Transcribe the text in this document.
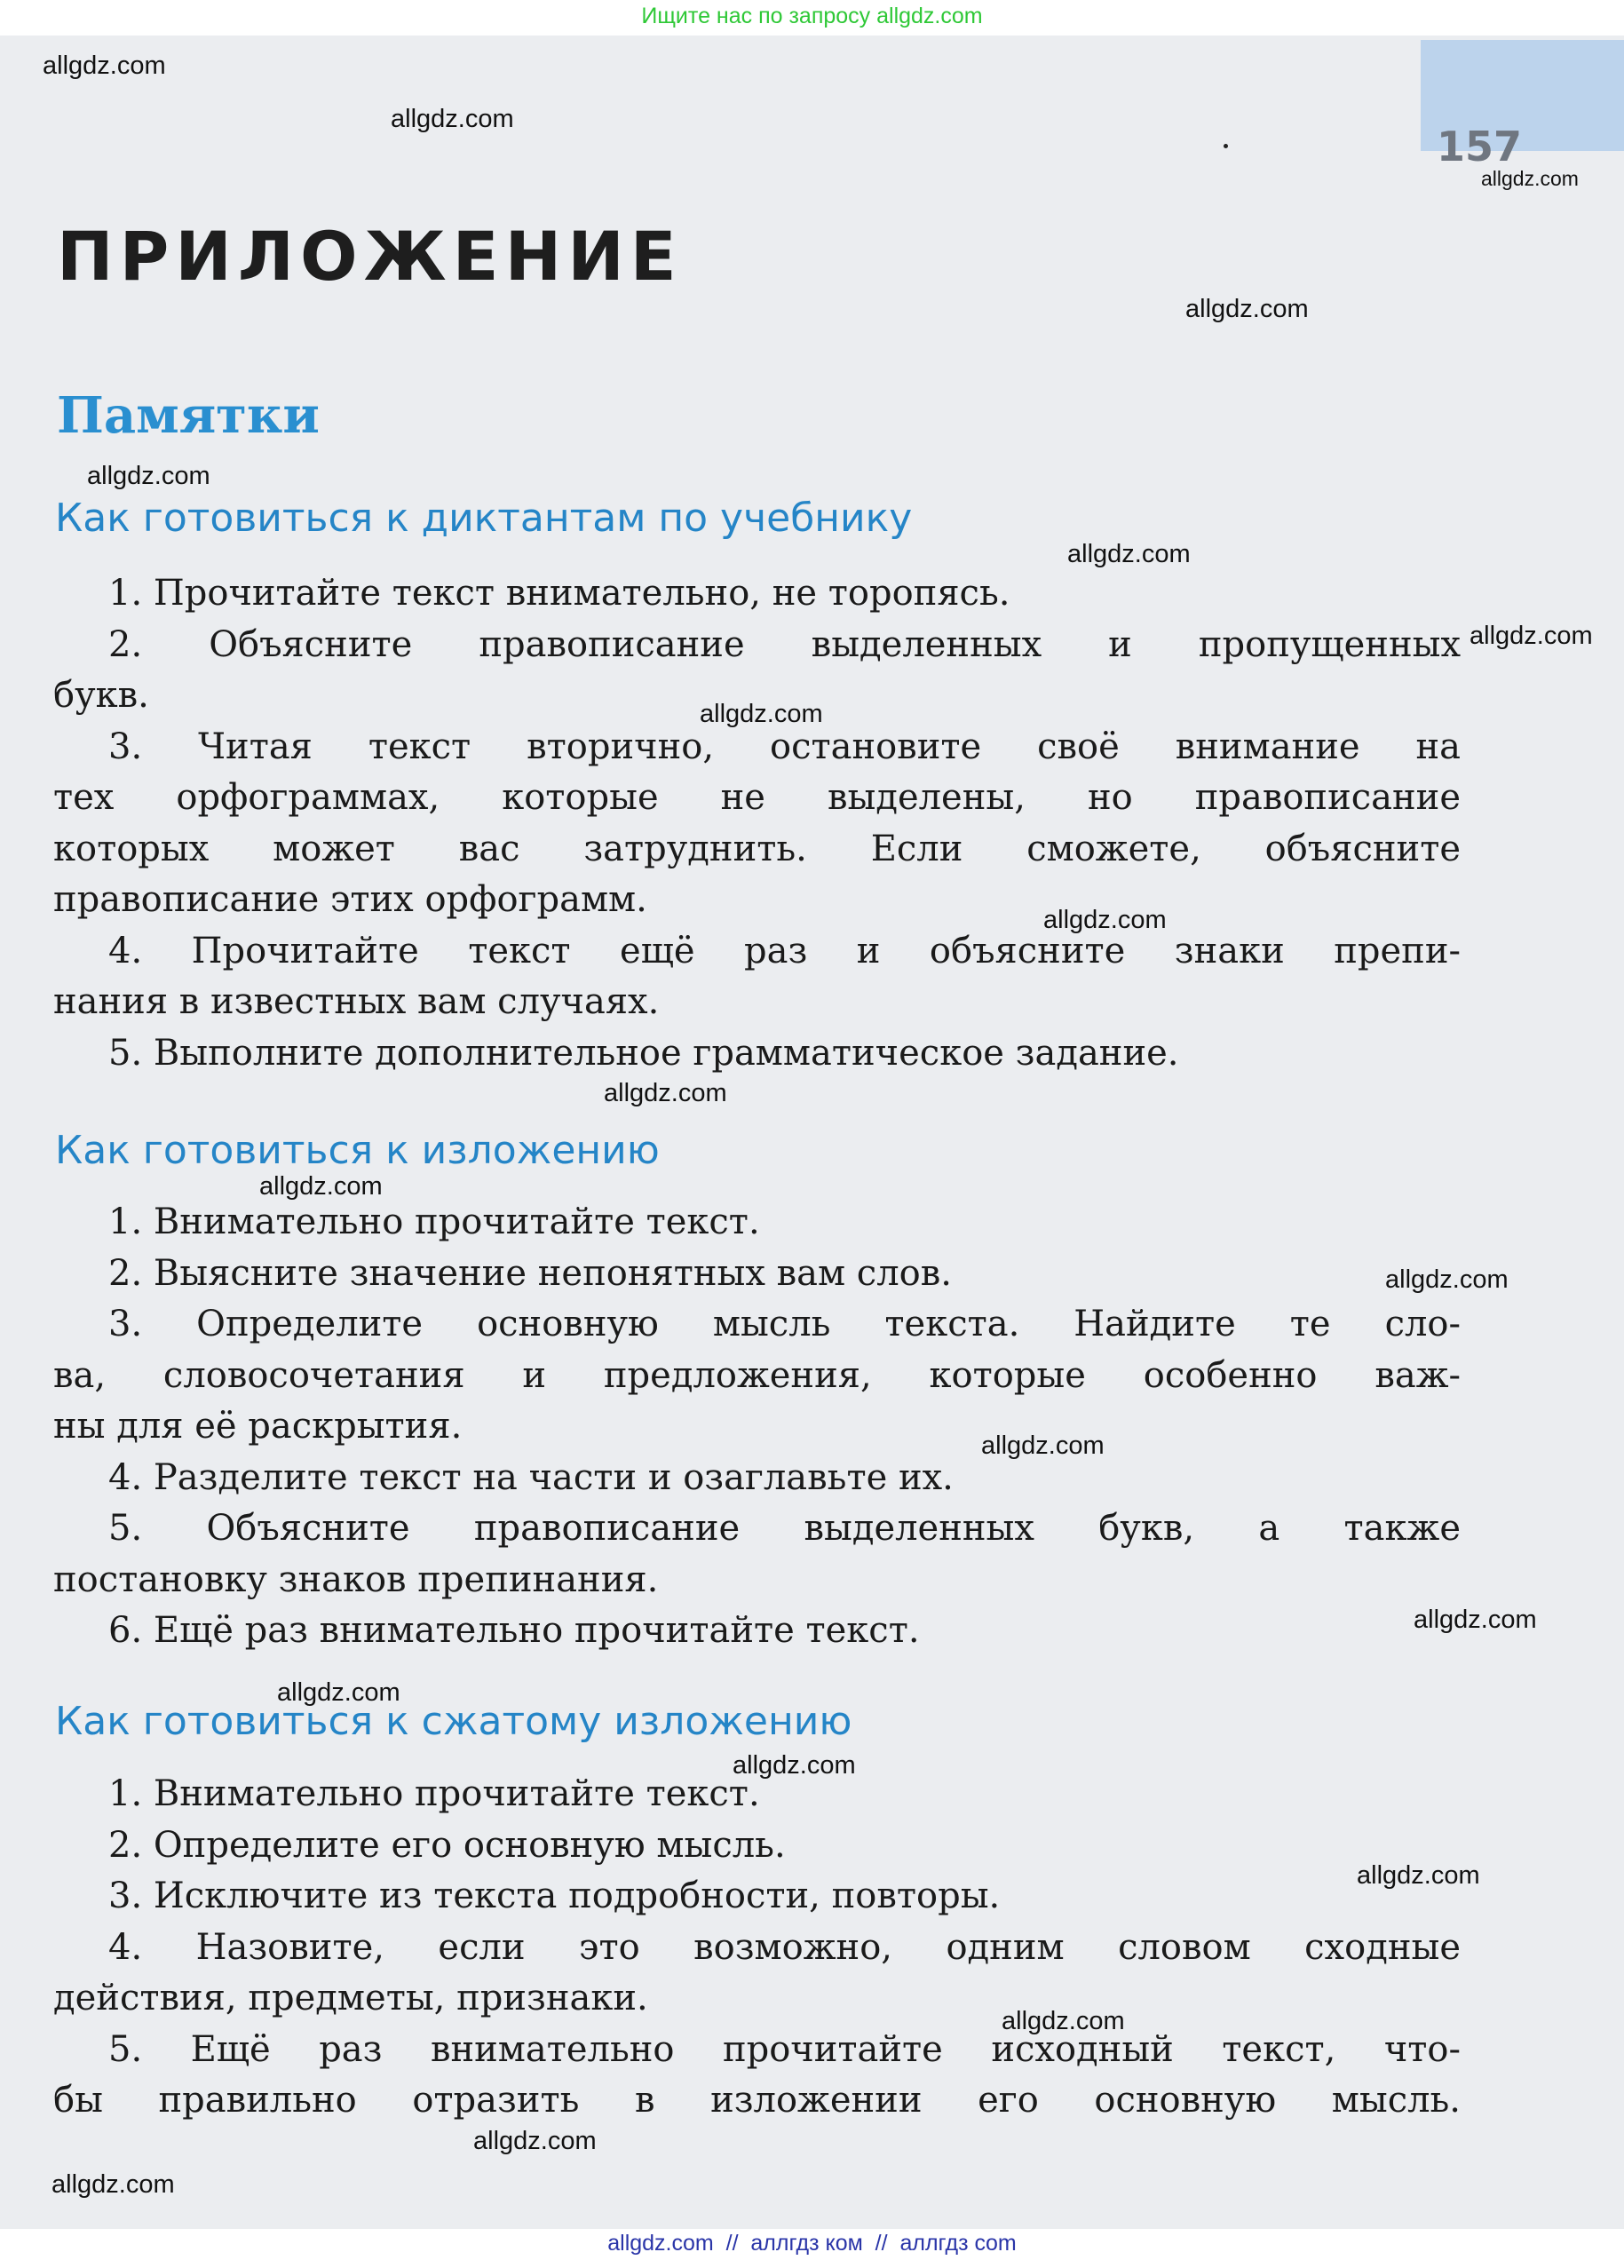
Ищите нас по запросу allgdz.com
157
ПРИЛОЖЕНИЕ
Памятки
Как готовиться к диктантам по учебнику
1. Прочитайте текст внимательно, не торопясь.
2. Объясните правописание выделенных и пропущенных
букв.
3. Читая текст вторично, остановите своё внимание на
тех орфограммах, которые не выделены, но правописание
которых может вас затруднить. Если сможете, объясните
правописание этих орфограмм.
4. Прочитайте текст ещё раз и объясните знаки препи-
нания в известных вам случаях.
5. Выполните дополнительное грамматическое задание.
Как готовиться к изложению
1. Внимательно прочитайте текст.
2. Выясните значение непонятных вам слов.
3. Определите основную мысль текста. Найдите те сло-
ва, словосочетания и предложения, которые особенно важ-
ны для её раскрытия.
4. Разделите текст на части и озаглавьте их.
5. Объясните правописание выделенных букв, а также
постановку знаков препинания.
6. Ещё раз внимательно прочитайте текст.
Как готовиться к сжатому изложению
1. Внимательно прочитайте текст.
2. Определите его основную мысль.
3. Исключите из текста подробности, повторы.
4. Назовите, если это возможно, одним словом сходные
действия, предметы, признаки.
5. Ещё раз внимательно прочитайте исходный текст, что-
бы правильно отразить в изложении его основную мысль.
allgdz.com
allgdz.com
allgdz.com
allgdz.com
allgdz.com
allgdz.com
allgdz.com
allgdz.com
allgdz.com
allgdz.com
allgdz.com
allgdz.com
allgdz.com
allgdz.com
allgdz.com
allgdz.com
allgdz.com
allgdz.com
allgdz.com
allgdz.com
allgdz.com  //  аллгдз ком  //  аллгдз com
